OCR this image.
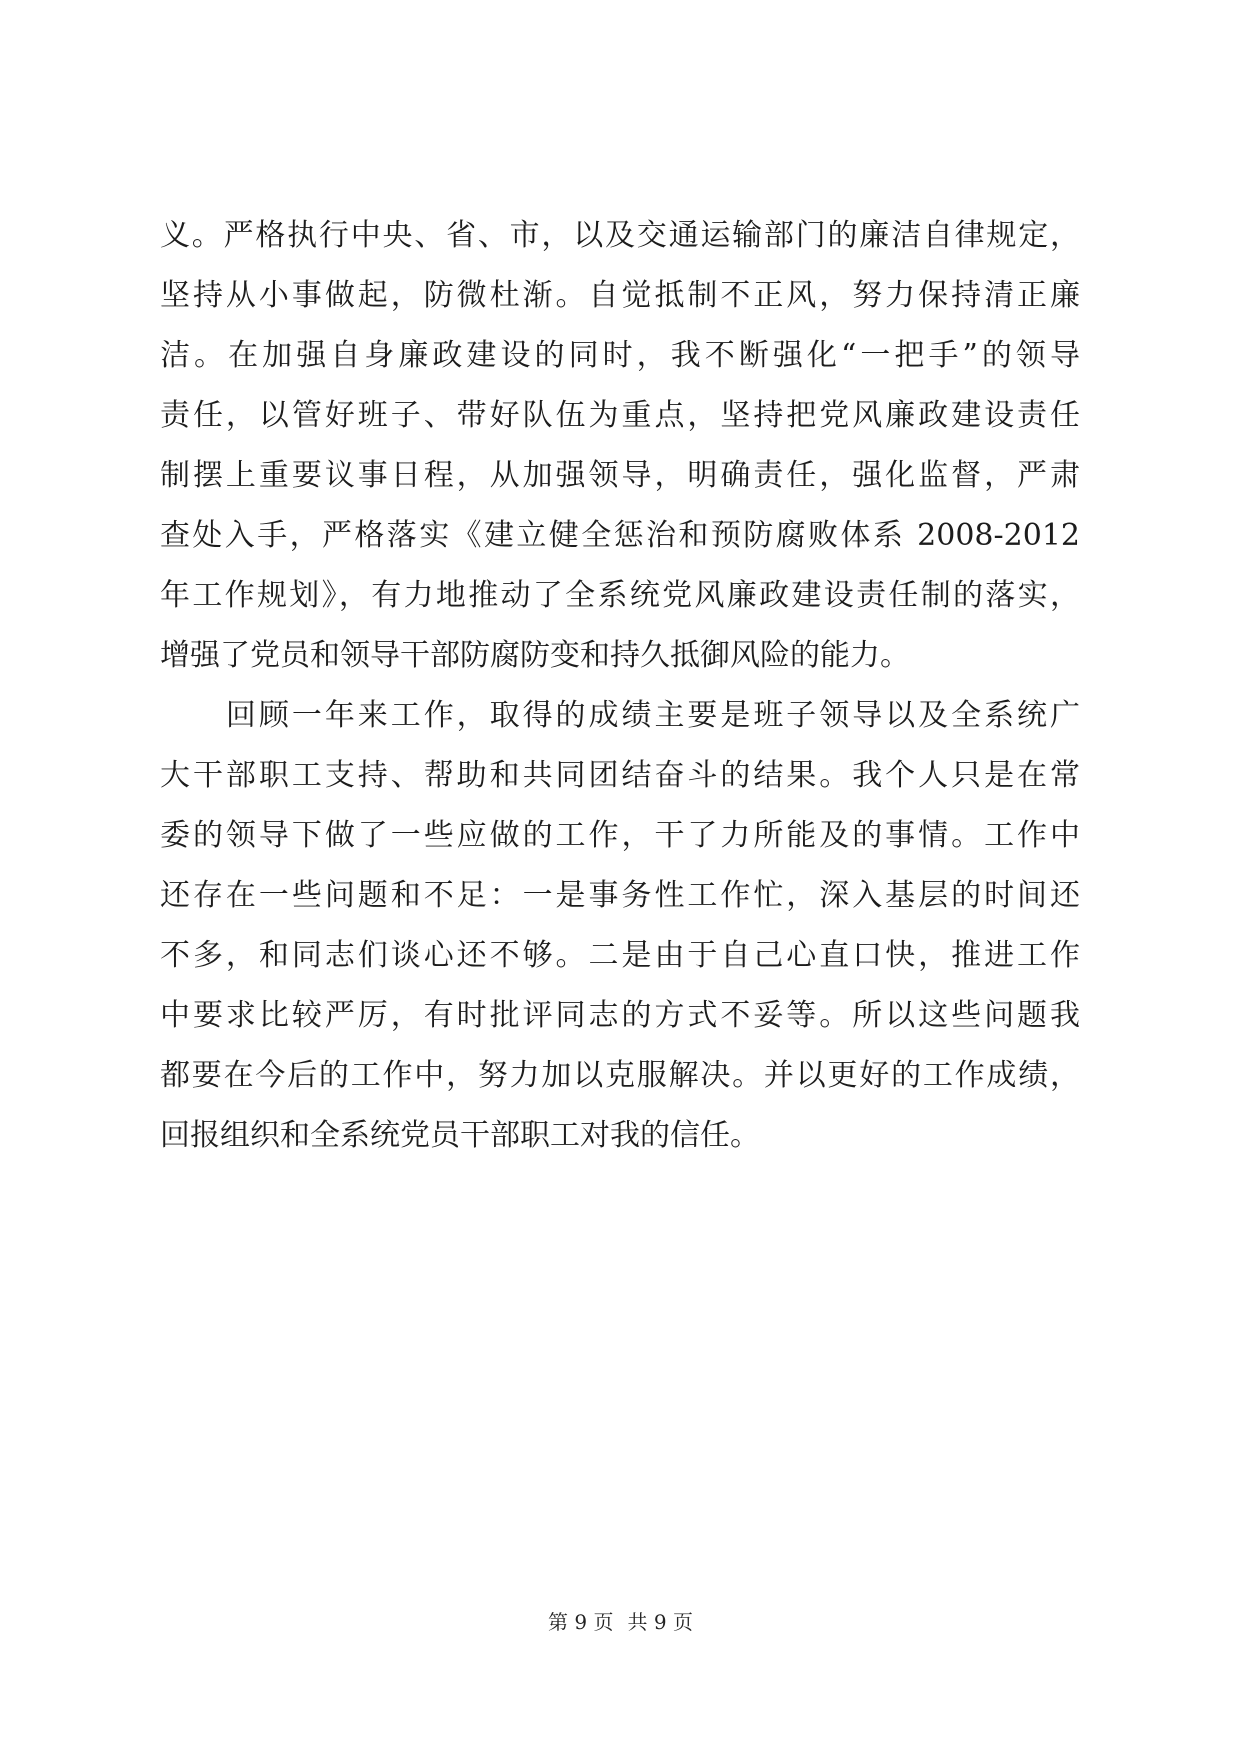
义。严格执行中央、省、市，以及交通运输部门的廉洁自律规定，
坚持从小事做起，防微杜渐。自觉抵制不正风，努力保持清正廉
洁。在加强自身廉政建设的同时，我不断强化“一把手”的领导
责任，以管好班子、带好队伍为重点，坚持把党风廉政建设责任
制摆上重要议事日程，从加强领导，明确责任，强化监督，严肃
查处入手，严格落实《建立健全惩治和预防腐败体系 2008-2012
年工作规划》，有力地推动了全系统党风廉政建设责任制的落实，
增强了党员和领导干部防腐防变和持久抵御风险的能力。
　　回顾一年来工作，取得的成绩主要是班子领导以及全系统广
大干部职工支持、帮助和共同团结奋斗的结果。我个人只是在常
委的领导下做了一些应做的工作，干了力所能及的事情。工作中
还存在一些问题和不足：一是事务性工作忙，深入基层的时间还
不多，和同志们谈心还不够。二是由于自己心直口快，推进工作
中要求比较严厉，有时批评同志的方式不妥等。所以这些问题我
都要在今后的工作中，努力加以克服解决。并以更好的工作成绩，
回报组织和全系统党员干部职工对我的信任。
第 9 页 共 9 页
